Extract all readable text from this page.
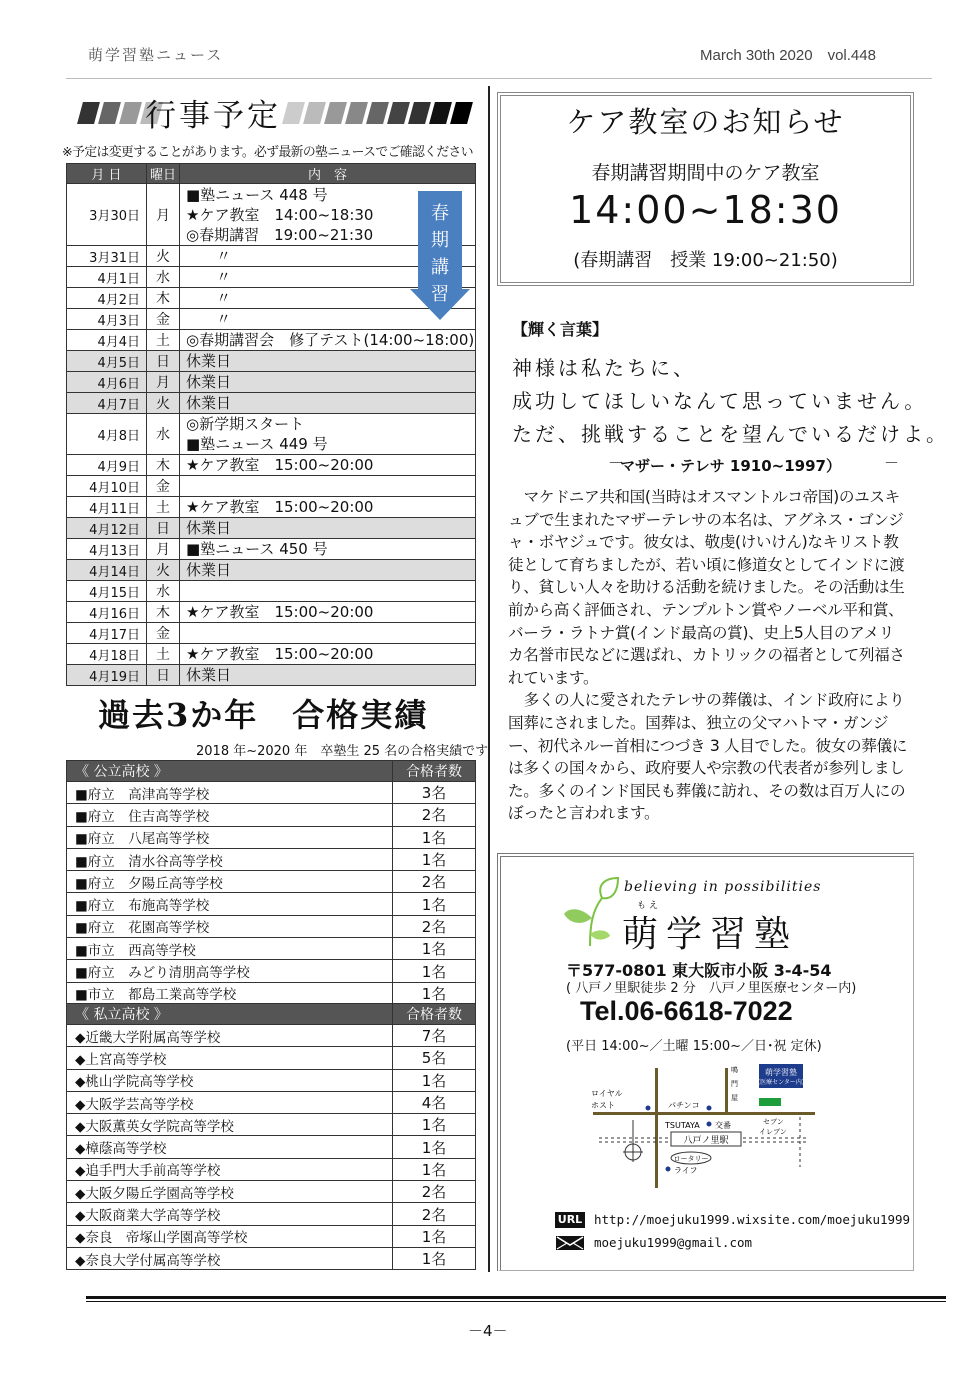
萌学習塾ニュース	March 30th 2020　vol.448
行事予定
※予定は変更することがあります。必ず最新の塾ニュースでご確認ください
月 日	曜日	内　容
3月30日	月	■塾ニュース 448 号
★ケア教室　14:00~18:30
◎春期講習　19:00~21:30
3月31日	火	　　〃
4月1日	水	　　〃
4月2日	木	　　〃
4月3日	金	　　〃
4月4日	土	◎春期講習会　修了テスト(14:00~18:00)
4月5日	日	休業日
4月6日	月	休業日
4月7日	火	休業日
4月8日	水	◎新学期スタート
■塾ニュース 449 号
4月9日	木	★ケア教室　15:00~20:00
4月10日	金	
4月11日	土	★ケア教室　15:00~20:00
4月12日	日	休業日
4月13日	月	■塾ニュース 450 号
4月14日	火	休業日
4月15日	水	
4月16日	木	★ケア教室　15:00~20:00
4月17日	金	
4月18日	土	★ケア教室　15:00~20:00
4月19日	日	休業日
春期講習
過去3か年　合格実績
2018 年~2020 年　卒塾生 25 名の合格実績です
《 公立高校 》	合格者数
■府立　高津高等学校	3名
■府立　住吉高等学校	2名
■府立　八尾高等学校	1名
■府立　清水谷高等学校	1名
■府立　夕陽丘高等学校	2名
■府立　布施高等学校	1名
■府立　花園高等学校	2名
■市立　西高等学校	1名
■府立　みどり清朋高等学校	1名
■市立　都島工業高等学校	1名
《 私立高校 》	合格者数
◆近畿大学附属高等学校	7名
◆上宮高等学校	5名
◆桃山学院高等学校	1名
◆大阪学芸高等学校	4名
◆大阪薫英女学院高等学校	1名
◆樟蔭高等学校	1名
◆追手門大手前高等学校	1名
◆大阪夕陽丘学園高等学校	2名
◆大阪商業大学高等学校	2名
◆奈良　帝塚山学園高等学校	1名
◆奈良大学付属高等学校	1名
ケア教室のお知らせ
春期講習期間中のケア教室
14:00~18:30
(春期講習　授業 19:00~21:50)
【輝く言葉】
神様は私たちに、
成功してほしいなんて思っていません。
ただ、挑戦することを望んでいるだけよ。
－
マザー・テレサ 1910~1997）	－

マケドニア共和国(当時はオスマントルコ帝国)のユスキュブで生まれたマザーテレサの本名は、アグネス・ゴンジャ・ボヤジュです。彼女は、敬虔(けいけん)なキリスト教徒として育ちましたが、若い頃に修道女としてインドに渡り、貧しい人々を助ける活動を続けました。その活動は生前から高く評価され、テンプルトン賞やノーベル平和賞、バーラ・ラトナ賞(インド最高の賞)、史上5人目のアメリカ名誉市民などに選ばれ、カトリックの福者として列福されています。

多くの人に愛されたテレサの葬儀は、インド政府により国葬にされました。国葬は、独立の父マハトマ・ガンジー、初代ネルー首相につづき 3 人目でした。彼女の葬儀には多くの国々から、政府要人や宗教の代表者が参列しました。多くのインド国民も葬儀に訪れ、その数は百万人にのぼったと言われます。

believing in possibilities
もえ
萌学習塾
〒577-0801 東大阪市小阪 3-4-54
( 八戸ノ里駅徒歩 2 分　八戸ノ里医療センター内)
Tel.06-6618-7022
(平日 14:00~／土曜 15:00~／日･祝 定休)
ロイヤル
ホスト	パチンコ
鳴
門
屋
萌学習塾
(医療センター内)
TSUTAYA 交番	セブン
イレブン
八戸ノ里駅
ロータリー
ライフ
URL http://moejuku1999.wixsite.com/moejuku1999
moejuku1999@gmail.com
－4－
